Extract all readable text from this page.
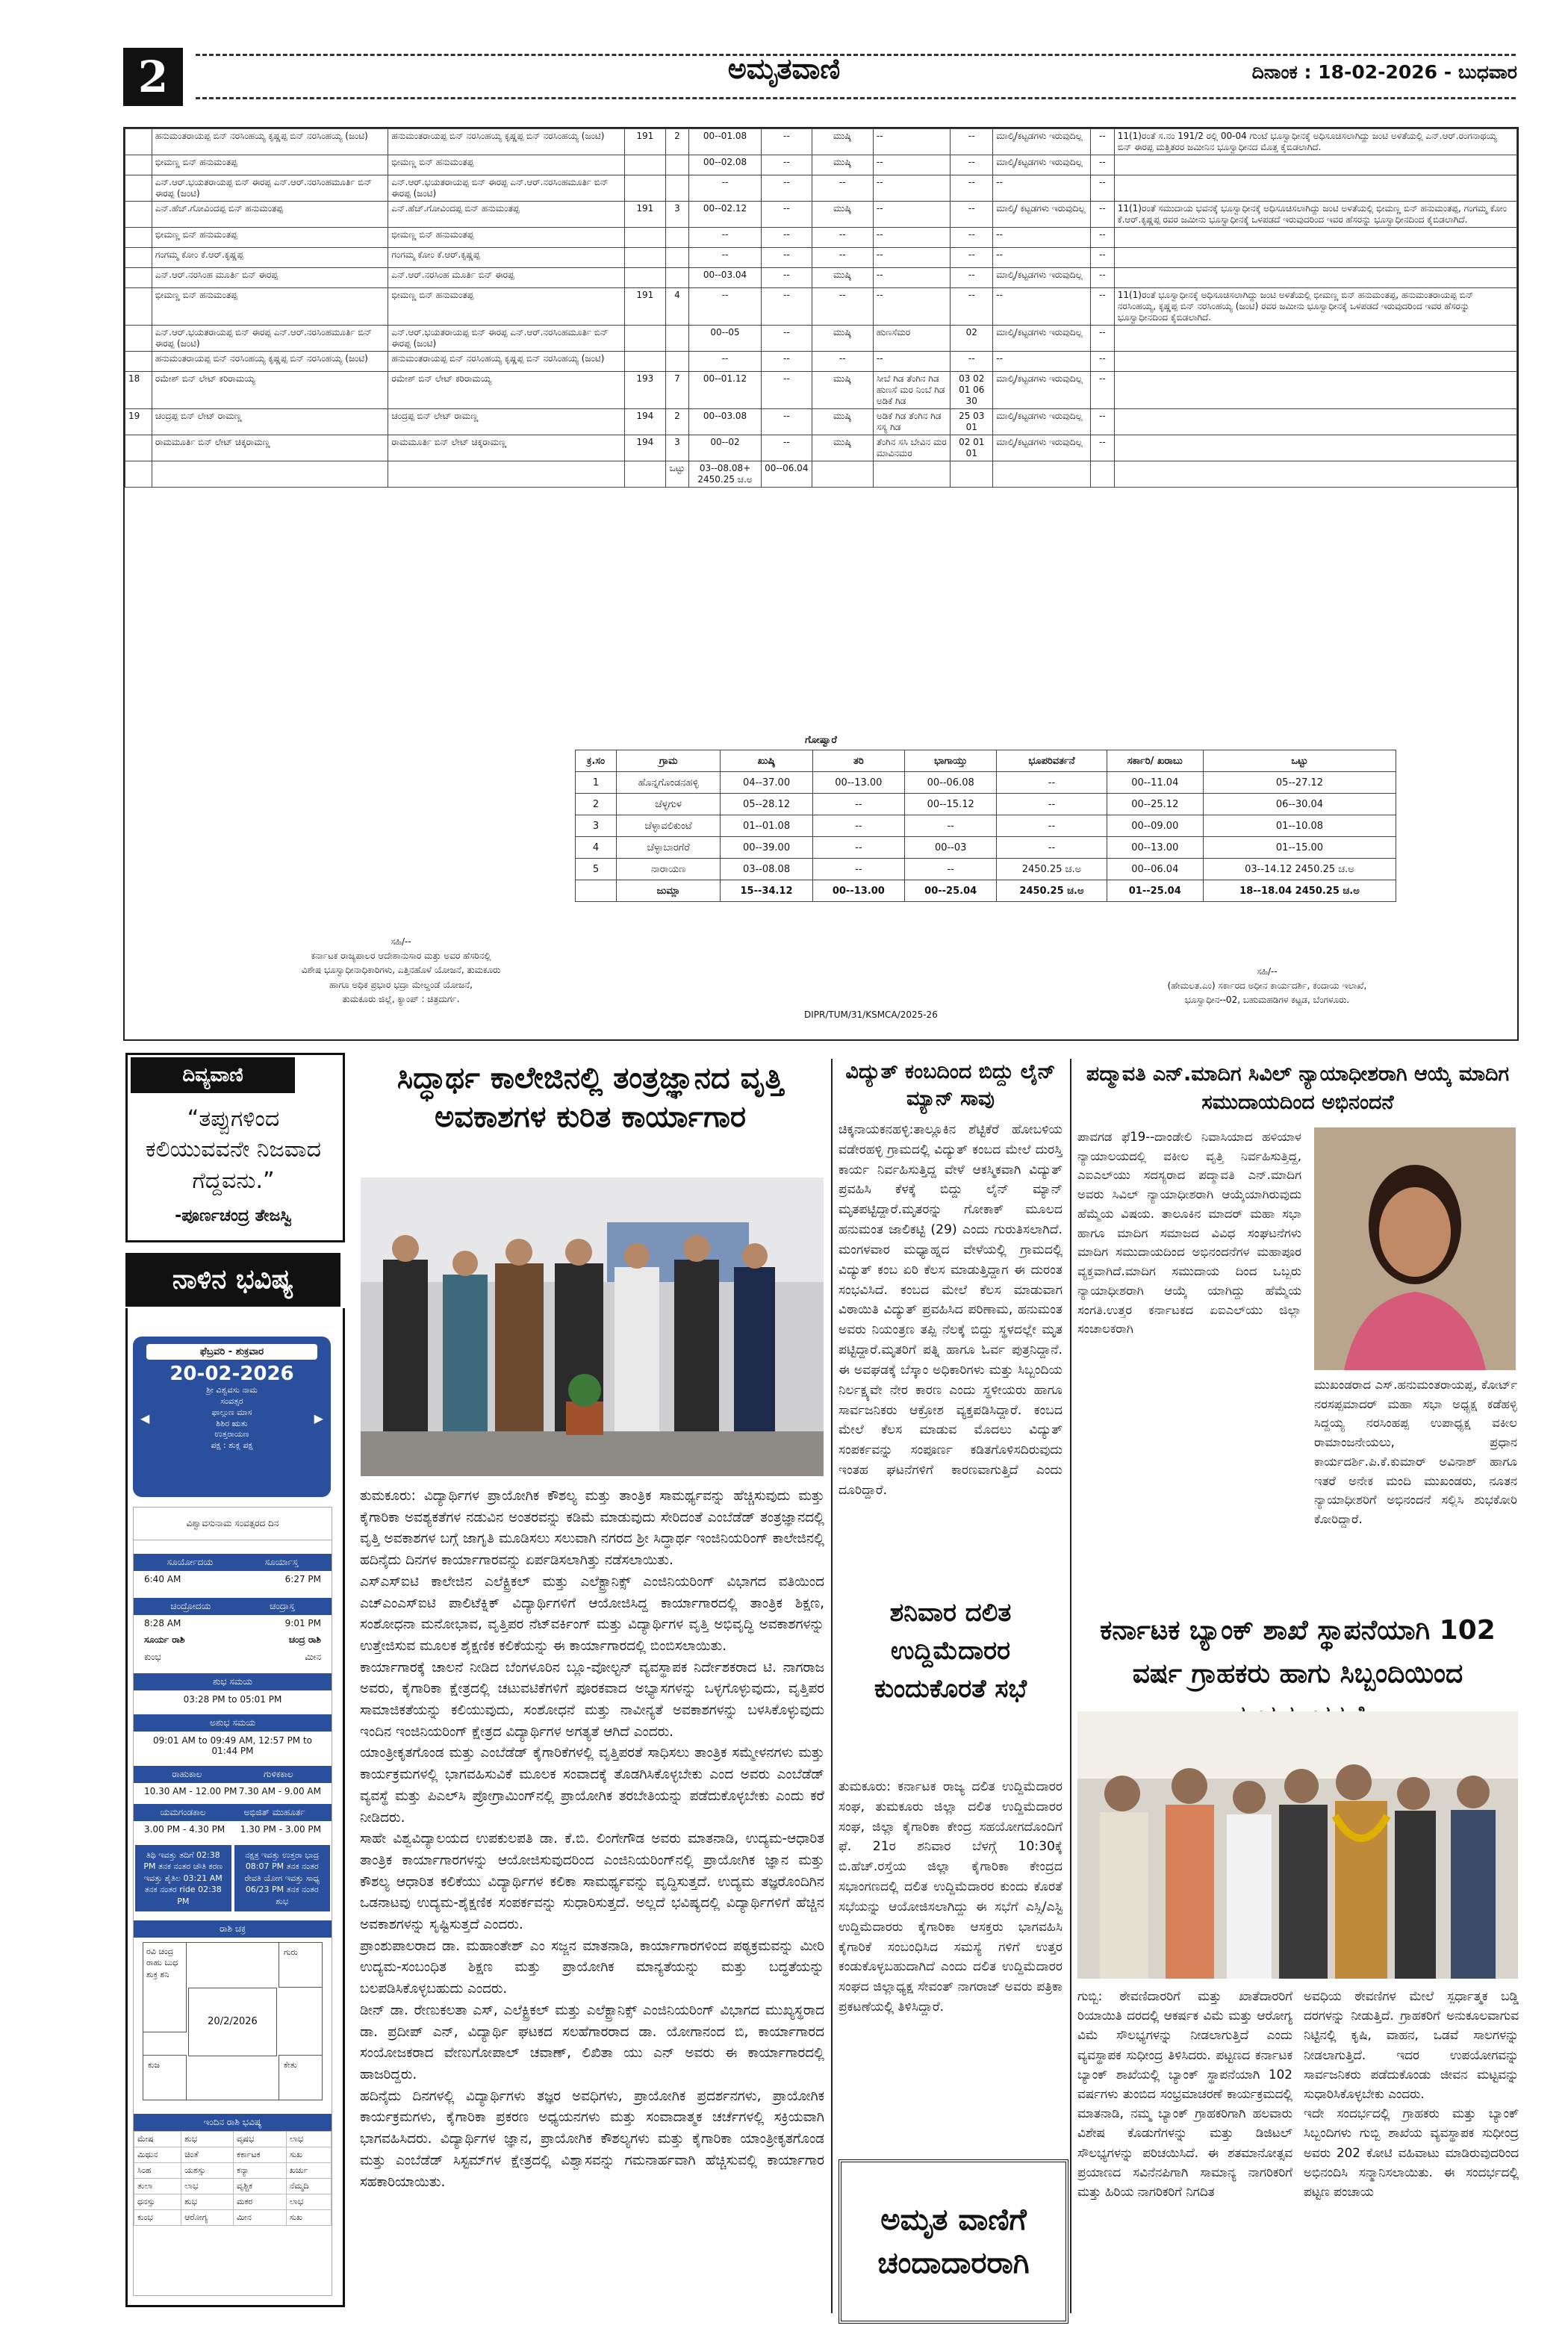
2	ಅಮೃತವಾಣಿ	ದಿನಾಂಕ : 18-02-2026 - ಬುಧವಾರ
	ಹನುಮಂತರಾಯಪ್ಪ ಬಿನ್ ನರಸಿಂಹಯ್ಯ ಕೃಷ್ಣಪ್ಪ ಬಿನ್ ನರಸಿಂಹಯ್ಯ (ಜಂಟಿ)	ಹನುಮಂತರಾಯಪ್ಪ ಬಿನ್ ನರಸಿಂಹಯ್ಯ ಕೃಷ್ಣಪ್ಪ ಬಿನ್ ನರಸಿಂಹಯ್ಯ (ಜಂಟಿ)	191	2	00--01.08	--	ಮುಷ್ಕಿ	--	--	ಮಾಲ್ಕಿ/ಕಟ್ಟಡಗಳು ಇರುವುದಿಲ್ಲ	--	11(1)ರಂತೆ ಸ.ನಂ 191/2 ರಲ್ಲಿ 00-04 ಗುಂಟೆ ಭೂಸ್ವಾಧೀನಕ್ಕೆ ಅಧಿಸೂಚಿಸಲಾಗಿದ್ದು ಜಂಟಿ ಅಳತೆಯಲ್ಲಿ ಎನ್.ಆರ್.ರಂಗನಾಥಯ್ಯ ಬಿನ್ ಈರಪ್ಪ ಮತ್ತಿತರರ ಜಮೀನಿನ ಭೂಸ್ವಾಧೀನದ ಮೊತ್ತ ಕೈಬಿಡಲಾಗಿದೆ.
	ಭೀಮಣ್ಣ ಬಿನ್ ಹನುಮಂತಪ್ಪ	ಭೀಮಣ್ಣ ಬಿನ್ ಹನುಮಂತಪ್ಪ			00--02.08	--	ಮುಷ್ಕಿ	--	--	ಮಾಲ್ಕಿ/ಕಟ್ಟಡಗಳು ಇರುವುದಿಲ್ಲ	--	
	ಎನ್.ಆರ್.ಭಯತರಾಯಪ್ಪ ಬಿನ್ ಈರಪ್ಪ ಎನ್.ಆರ್.ನರಸಿಂಹಮೂರ್ತಿ ಬಿನ್ ಈರಪ್ಪ (ಜಂಟಿ)	ಎನ್.ಆರ್.ಭಯತರಾಯಪ್ಪ ಬಿನ್ ಈರಪ್ಪ ಎನ್.ಆರ್.ನರಸಿಂಹಮೂರ್ತಿ ಬಿನ್ ಈರಪ್ಪ (ಜಂಟಿ)			--	--	--	--	--	--	--	
	ಎನ್.ಹೆಚ್.ಗೋವಿಂದಪ್ಪ ಬಿನ್ ಹನುಮಂತಪ್ಪ	ಎನ್.ಹೆಚ್.ಗೋವಿಂದಪ್ಪ ಬಿನ್ ಹನುಮಂತಪ್ಪ	191	3	00--02.12	--	ಮುಷ್ಕಿ	--	--	ಮಾಲ್ಕಿ/ ಕಟ್ಟಡಗಳು ಇರುವುದಿಲ್ಲ	--	11(1)ರಂತೆ ಸಮುದಾಯ ಭವನಕ್ಕೆ ಭೂಸ್ವಾಧೀನಕ್ಕೆ ಅಧಿಸೂಚಿಸಲಾಗಿದ್ದು ಜಂಟಿ ಅಳತೆಯಲ್ಲಿ ಭೀಮಣ್ಣ ಬಿನ್ ಹನುಮಂತಪ್ಪ, ಗಂಗಮ್ಮ ಕೋಂ ಕೆ.ಆರ್.ಕೃಷ್ಣಪ್ಪ ರವರ ಜಮೀನು ಭೂಸ್ವಾಧೀನಕ್ಕೆ ಒಳಪಡದೆ ಇರುವುದರಿಂದ ಇವರ ಹೆಸರನ್ನು ಭೂಸ್ವಾಧೀನದಿಂದ ಕೈಬಿಡಲಾಗಿದೆ.
	ಭೀಮಣ್ಣ ಬಿನ್ ಹನುಮಂತಪ್ಪ	ಭೀಮಣ್ಣ ಬಿನ್ ಹನುಮಂತಪ್ಪ			--	--	--	--	--	--	--	
	ಗಂಗಮ್ಮ ಕೋಂ ಕೆ.ಆರ್.ಕೃಷ್ಣಪ್ಪ	ಗಂಗಮ್ಮ ಕೋಂ ಕೆ.ಆರ್.ಕೃಷ್ಣಪ್ಪ			--	--	--	--	--	--	--	
	ಎನ್.ಆರ್.ನರಸಿಂಹ ಮೂರ್ತಿ ಬಿನ್ ಈರಪ್ಪ	ಎನ್.ಆರ್.ನರಸಿಂಹ ಮೂರ್ತಿ ಬಿನ್ ಈರಪ್ಪ			00--03.04	--	ಮುಷ್ಕಿ	--	--	ಮಾಲ್ಕಿ/ಕಟ್ಟಡಗಳು ಇರುವುದಿಲ್ಲ	--	
	ಭೀಮಣ್ಣ ಬಿನ್ ಹನುಮಂತಪ್ಪ	ಭೀಮಣ್ಣ ಬಿನ್ ಹನುಮಂತಪ್ಪ	191	4	--	--	--	--	--	--	--	11(1)ರಂತೆ ಭೂಸ್ವಾಧೀನಕ್ಕೆ ಅಧಿಸೂಚಿಸಲಾಗಿದ್ದು ಜಂಟಿ ಅಳತೆಯಲ್ಲಿ ಭೀಮಣ್ಣ ಬಿನ್ ಹನುಮಂತಪ್ಪ, ಹನುಮಂತರಾಯಪ್ಪ ಬಿನ್ ನರಸಿಂಹಯ್ಯ, ಕೃಷ್ಣಪ್ಪ ಬಿನ್ ನರಸಿಂಹಯ್ಯ (ಜಂಟಿ) ರವರ ಜಮೀನು ಭೂಸ್ವಾಧೀನಕ್ಕೆ ಒಳಪಡದೆ ಇರುವುದರಿಂದ ಇವರ ಹೆಸರನ್ನು ಭೂಸ್ವಾಧೀನದಿಂದ ಕೈಬಿಡಲಾಗಿದೆ.
	ಎನ್.ಆರ್.ಭಯತರಾಯಪ್ಪ ಬಿನ್ ಈರಪ್ಪ ಎನ್.ಆರ್.ನರಸಿಂಹಮೂರ್ತಿ ಬಿನ್ ಈರಪ್ಪ (ಜಂಟಿ)	ಎನ್.ಆರ್.ಭಯತರಾಯಪ್ಪ ಬಿನ್ ಈರಪ್ಪ ಎನ್.ಆರ್.ನರಸಿಂಹಮೂರ್ತಿ ಬಿನ್ ಈರಪ್ಪ (ಜಂಟಿ)			00--05	--	ಮುಷ್ಕಿ	ಹುಣಸೆಮರ	02	ಮಾಲ್ಕಿ/ಕಟ್ಟಡಗಳು ಇರುವುದಿಲ್ಲ	--	
	ಹನುಮಂತರಾಯಪ್ಪ ಬಿನ್ ನರಸಿಂಹಯ್ಯ ಕೃಷ್ಣಪ್ಪ ಬಿನ್ ನರಸಿಂಹಯ್ಯ (ಜಂಟಿ)	ಹನುಮಂತರಾಯಪ್ಪ ಬಿನ್ ನರಸಿಂಹಯ್ಯ ಕೃಷ್ಣಪ್ಪ ಬಿನ್ ನರಸಿಂಹಯ್ಯ (ಜಂಟಿ)			--	--	--	--	--	--	--	
18	ರಮೇಶ್ ಬಿನ್ ಲೇಟ್ ಕರಿರಾಮಯ್ಯ	ರಮೇಶ್ ಬಿನ್ ಲೇಟ್ ಕರಿರಾಮಯ್ಯ	193	7	00--01.12	--	ಮುಷ್ಕಿ	ಸೀಬೆ ಗಿಡ ತೆಂಗಿನ ಗಿಡ ಹುಣಸೆ ಮರ ನಿಂಬೆ ಗಿಡ ಅಡಿಕೆ ಗಿಡ	03 02 01 06 30	ಮಾಲ್ಕಿ/ಕಟ್ಟಡಗಳು ಇರುವುದಿಲ್ಲ	--	
19	ಚಂದ್ರಪ್ಪ ಬಿನ್ ಲೇಟ್ ರಾಮಣ್ಣ	ಚಂದ್ರಪ್ಪ ಬಿನ್ ಲೇಟ್ ರಾಮಣ್ಣ	194	2	00--03.08	--	ಮುಷ್ಕಿ	ಅಡಿಕೆ ಗಿಡ ತೆಂಗಿನ ಗಿಡ ಸಸ್ಯ ಗಿಡ	25 03 01	ಮಾಲ್ಕಿ/ಕಟ್ಟಡಗಳು ಇರುವುದಿಲ್ಲ	--	
	ರಾಮಮೂರ್ತಿ ಬಿನ್ ಲೇಟ್ ಚಿಕ್ಕರಾಮಣ್ಣ	ರಾಮಮೂರ್ತಿ ಬಿನ್ ಲೇಟ್ ಚಿಕ್ಕರಾಮಣ್ಣ	194	3	00--02	--	ಮುಷ್ಕಿ	ತೆಂಗಿನ ಸಸಿ ಬೇವಿನ ಮರ ಮಾವಿನಮರ	02 01 01	ಮಾಲ್ಕಿ/ಕಟ್ಟಡಗಳು ಇರುವುದಿಲ್ಲ	--	
				ಒಟ್ಟು	03--08.08+ 2450.25 ಚ.ಅ	00--06.04						
ಗೋಷ್ವಾರೆ
ಕ್ರ.ಸಂ	ಗ್ರಾಮ	ಖುಷ್ಕಿ	ತರಿ	ಭಾಗಾಯ್ತು	ಭೂಪರಿವರ್ತನೆ	ಸರ್ಕಾರಿ/ ಖರಾಬು	ಒಟ್ಟು
1	ಹೊನ್ನಗೊಂಡನಹಳ್ಳಿ	04--37.00	00--13.00	00--06.08	--	00--11.04	05--27.12
2	ಚೆಳ್ಳಗುಳ	05--28.12	--	00--15.12	--	00--25.12	06--30.04
3	ಚೆಳ್ಳಾವಲಿಕುಂಟೆ	01--01.08	--	--	--	00--09.00	01--10.08
4	ಚೆಳ್ಳಾಬಾರಗೆರೆ	00--39.00	--	00--03	--	00--13.00	01--15.00
5	ನಾರಾಯಣ	03--08.08	--	--	2450.25 ಚ.ಅ	00--06.04	03--14.12 2450.25 ಚ.ಅ
	ಜುಮ್ಲಾ	15--34.12	00--13.00	00--25.04	2450.25 ಚ.ಅ	01--25.04	18--18.04 2450.25 ಚ.ಅ
ಸಹಿ/--
ಕರ್ನಾಟಕ ರಾಜ್ಯಪಾಲರ ಆದೇಶಾನುಸಾರ ಮತ್ತು ಅವರ ಹೆಸರಿನಲ್ಲಿ
ವಿಶೇಷ ಭೂಸ್ವಾಧೀನಾಧಿಕಾರಿಗಳು, ಎತ್ತಿನಹೊಳೆ ಯೋಜನೆ, ತುಮಕೂರು
ಹಾಗೂ ಅಧಿಕ ಪ್ರಭಾರ ಭದ್ರಾ ಮೇಲ್ದಂಡೆ ಯೋಜನೆ,
ತುಮಕೂರು ಜಿಲ್ಲೆ, ಕ್ಯಾಂಪ್ : ಚಿತ್ರದುರ್ಗ.
DIPR/TUM/31/KSMCA/2025-26
ಸಹಿ/--
(ಹೇಮಲತ.ಎಂ) ಸರ್ಕಾರದ ಅಧೀನ ಕಾರ್ಯದರ್ಶಿ, ಕಂದಾಯ ಇಲಾಖೆ,
ಭೂಸ್ವಾಧೀನ--02, ಬಹುಮಹಡಿಗಳ ಕಟ್ಟಡ, ಬೆಂಗಳೂರು.
ದಿವ್ಯವಾಣಿ
“ತಪ್ಪುಗಳಿಂದ ಕಲಿಯುವವನೇ ನಿಜವಾದ ಗೆದ್ದವನು.”
-ಪೂರ್ಣಚಂದ್ರ ತೇಜಸ್ವಿ
ನಾಳಿನ ಭವಿಷ್ಯ
ಫೆಬ್ರವರಿ - ಶುಕ್ರವಾರ
20-02-2026
◀
ಶ್ರೀ ವಿಶ್ವವಸು ನಾಮ
ಸಂವತ್ಸರ
ಫಾಲ್ಗುಣ ಮಾಸ
ಶಿಶಿರ ಋತು
ಉತ್ತರಾಯಣ
ಪಕ್ಷ : ಶುಕ್ಲ ಪಕ್ಷ
▶
ವಿಶ್ವಾವಸುನಾಮ ಸಂವತ್ಸರದ ದಿನ
ಸೂರ್ಯೋದಯ	ಸೂರ್ಯಾಸ್ತ
6:40 AM	6:27 PM
ಚಂದ್ರೋದಯ	ಚಂದ್ರಾಸ್ತ
8:28 AM	9:01 PM
ಸೂರ್ಯ ರಾಶಿ	ಚಂದ್ರ ರಾಶಿ
ಕುಂಭ	ಮೀನ
ಶುಭ ಸಮಯ
03:28 PM to 05:01 PM
ಅಶುಭ ಸಮಯ
09:01 AM to 09:49 AM, 12:57 PM to 01:44 PM
ರಾಹುಕಾಲ	ಗುಳಿಕಕಾಲ
10.30 AM - 12.00 PM 7.30 AM - 9.00 AM
ಯಮಗಂಡಕಾಲ	ಅಭಿಜಿತ್ ಮುಹೂರ್ತ
3.00 PM - 4.30 PM 1.30 PM - 3.00 PM
ತಿಥಿ ಇವತ್ತು ತದಿಗೆ 02:38 PM ತನಕ ನಂತರ ಚೌತಿ ಕರಣ ಇವತ್ತು ಶೈತಿಲ 03:21 AM ತನಕ ನಂತರ ride 02:38 PM
ನಕ್ಷತ್ರ ಇವತ್ತು ಉತ್ತರಾ ಭಾದ್ರ 08:07 PM ತನಕ ನಂತರ ರೇವತಿ ಯೋಗ ಇವತ್ತು ಸಾಧ್ಯ 06/23 PM ತನಕ ನಂತರ ಶುಭ
ರಾಶಿ ಚಕ್ರ
ರವಿ ಚಂದ್ರ ರಾಹು ಬುಧ ಶುಕ್ರ ಶನಿ
ಗುರು
20/2/2026
ಕುಜ	ಕೇತು
ಇಂದಿನ ರಾಶಿ ಭವಿಷ್ಯ
ಮೇಷ	ಶುಭ	ವೃಷಭ	ಲಾಭ
ಮಿಥುನ	ಚಿಂತೆ	ಕರ್ಕಾಟಕ	ಸುಖ
ಸಿಂಹ	ಯಶಸ್ಸು	ಕನ್ಯಾ	ಖರ್ಚು
ತುಲಾ	ಲಾಭ	ವೃಶ್ಚಿಕ	ನೆಮ್ಮದಿ
ಧನಸ್ಸು	ಶುಭ	ಮಕರ	ಲಾಭ
ಕುಂಭ	ಆರೋಗ್ಯ	ಮೀನ	ಸುಖ
ಸಿದ್ಧಾರ್ಥ ಕಾಲೇಜಿನಲ್ಲಿ ತಂತ್ರಜ್ಞಾನದ ವೃತ್ತಿ ಅವಕಾಶಗಳ ಕುರಿತ ಕಾರ್ಯಾಗಾರ
ತುಮಕೂರು: ವಿದ್ಯಾರ್ಥಿಗಳ ಪ್ರಾಯೋಗಿಕ ಕೌಶಲ್ಯ ಮತ್ತು ತಾಂತ್ರಿಕ ಸಾಮರ್ಥ್ಯವನ್ನು ಹೆಚ್ಚಿಸುವುದು ಮತ್ತು ಕೈಗಾರಿಕಾ ಅವಶ್ಯಕತೆಗಳ ನಡುವಿನ ಅಂತರವನ್ನು ಕಡಿಮೆ ಮಾಡುವುದು ಸೇರಿದಂತೆ ಎಂಬೆಡೆಡ್ ತಂತ್ರಜ್ಞಾನದಲ್ಲಿ ವೃತ್ತಿ ಅವಕಾಶಗಳ ಬಗ್ಗೆ ಜಾಗೃತಿ ಮೂಡಿಸಲು ಸಲುವಾಗಿ ನಗರದ ಶ್ರೀ ಸಿದ್ಧಾರ್ಥ ಇಂಜಿನಿಯರಿಂಗ್ ಕಾಲೇಜಿನಲ್ಲಿ ಹದಿನೈದು ದಿನಗಳ ಕಾರ್ಯಾಗಾರವನ್ನು ಏರ್ಪಡಿಸಲಾಗಿತ್ತು ನಡೆಸಲಾಯಿತು.
ಎಸ್‌ಎಸ್‌ಐಟಿ ಕಾಲೇಜಿನ ಎಲೆಕ್ಟ್ರಿಕಲ್ ಮತ್ತು ಎಲೆಕ್ಟ್ರಾನಿಕ್ಸ್ ಎಂಜಿನಿಯರಿಂಗ್ ವಿಭಾಗದ ವತಿಯಿಂದ ಎಚ್‌ಎಂಎಸ್‌ಐಟಿ ಪಾಲಿಟೆಕ್ನಿಕ್ ವಿದ್ಯಾರ್ಥಿಗಳಿಗೆ ಆಯೋಜಿಸಿದ್ದ ಕಾರ್ಯಾಗಾರದಲ್ಲಿ ತಾಂತ್ರಿಕ ಶಿಕ್ಷಣ, ಸಂಶೋಧನಾ ಮನೋಭಾವ, ವೃತ್ತಿಪರ ನೆಟ್‌ವರ್ಕಿಂಗ್ ಮತ್ತು ವಿದ್ಯಾರ್ಥಿಗಳ ವೃತ್ತಿ ಅಭಿವೃದ್ಧಿ ಅವಕಾಶಗಳನ್ನು ಉತ್ತೇಜಿಸುವ ಮೂಲಕ ಶೈಕ್ಷಣಿಕ ಕಲಿಕೆಯನ್ನು ಈ ಕಾರ್ಯಾಗಾರದಲ್ಲಿ ಬಿಂಬಿಸಲಾಯಿತು.
ಕಾರ್ಯಾಗಾರಕ್ಕೆ ಚಾಲನೆ ನೀಡಿದ ಬೆಂಗಳೂರಿನ ಬ್ಲೂ-ವೋಲ್ಟನ್ ವ್ಯವಸ್ಥಾಪಕ ನಿರ್ದೇಶಕರಾದ ಟಿ. ನಾಗರಾಜ ಅವರು, ಕೈಗಾರಿಕಾ ಕ್ಷೇತ್ರದಲ್ಲಿ ಚಟುವಟಿಕೆಗಳಿಗೆ ಪೂರಕವಾದ ಅಭ್ಯಾಸಗಳನ್ನು ಒಳ್ಳಗೊಳ್ಳುವುದು, ವೃತ್ತಿಪರ ಸಾಮಾಜಿಕತೆಯನ್ನು ಕಲಿಯುವುದು, ಸಂಶೋಧನೆ ಮತ್ತು ನಾವೀನ್ಯತೆ ಅವಕಾಶಗಳನ್ನು ಬಳಸಿಕೊಳ್ಳುವುದು ಇಂದಿನ ಇಂಜಿನಿಯರಿಂಗ್ ಕ್ಷೇತ್ರದ ವಿದ್ಯಾರ್ಥಿಗಳ ಅಗತ್ಯತೆ ಆಗಿದೆ ಎಂದರು.
ಯಾಂತ್ರೀಕೃತಗೊಂಡ ಮತ್ತು ಎಂಬೆಡೆಡ್ ಕೈಗಾರಿಕೆಗಳಲ್ಲಿ ವೃತ್ತಿಪರತೆ ಸಾಧಿಸಲು ತಾಂತ್ರಿಕ ಸಮ್ಮೇಳನಗಳು ಮತ್ತು ಕಾರ್ಯಕ್ರಮಗಳಲ್ಲಿ ಭಾಗವಹಿಸುವಿಕೆ ಮೂಲಕ ಸಂವಾದಕ್ಕೆ ತೊಡಗಿಸಿಕೊಳ್ಳಬೇಕು ಎಂದ ಅವರು ಎಂಬೆಡೆಡ್ ವ್ಯವಸ್ಥೆ ಮತ್ತು ಪಿಎಲ್‌ಸಿ ಪ್ರೋಗ್ರಾಮಿಂಗ್‌ನಲ್ಲಿ ಪ್ರಾಯೋಗಿಕ ತರಬೇತಿಯನ್ನು ಪಡೆದುಕೊಳ್ಳಬೇಕು ಎಂದು ಕರೆ ನೀಡಿದರು.
ಸಾಹೇ ವಿಶ್ವವಿದ್ಯಾಲಯದ ಉಪಕುಲಪತಿ ಡಾ. ಕೆ.ಬಿ. ಲಿಂಗೇಗೌಡ ಅವರು ಮಾತನಾಡಿ, ಉದ್ಯಮ-ಆಧಾರಿತ ತಾಂತ್ರಿಕ ಕಾರ್ಯಾಗಾರಗಳನ್ನು ಆಯೋಜಿಸುವುದರಿಂದ ಎಂಜಿನಿಯರಿಂಗ್‌ನಲ್ಲಿ ಪ್ರಾಯೋಗಿಕ ಜ್ಞಾನ ಮತ್ತು ಕೌಶಲ್ಯ ಆಧಾರಿತ ಕಲಿಕೆಯು ವಿದ್ಯಾರ್ಥಿಗಳ ಕಲಿಕಾ ಸಾಮರ್ಥ್ಯವನ್ನು ವೃದ್ಧಿಸುತ್ತದೆ. ಉದ್ಯಮ ತಜ್ಞರೊಂದಿಗಿನ ಒಡನಾಟವು ಉದ್ಯಮ-ಶೈಕ್ಷಣಿಕ ಸಂಪರ್ಕವನ್ನು ಸುಧಾರಿಸುತ್ತದೆ. ಅಲ್ಲದೆ ಭವಿಷ್ಯದಲ್ಲಿ ವಿದ್ಯಾರ್ಥಿಗಳಿಗೆ ಹೆಚ್ಚಿನ ಅವಕಾಶಗಳನ್ನು ಸೃಷ್ಟಿಸುತ್ತದೆ ಎಂದರು.
ಪ್ರಾಂಶುಪಾಲರಾದ ಡಾ. ಮಹಾಂತೇಶ್ ಎಂ ಸಜ್ಜನ ಮಾತನಾಡಿ, ಕಾರ್ಯಾಗಾರಗಳಿಂದ ಪಠ್ಯಕ್ರಮವನ್ನು ಮೀರಿ ಉದ್ಯಮ-ಸಂಬಂಧಿತ ಶಿಕ್ಷಣ ಮತ್ತು ಪ್ರಾಯೋಗಿಕ ಮಾನ್ಯತೆಯನ್ನು ಮತ್ತು ಬದ್ಧತೆಯನ್ನು ಬಲಪಡಿಸಿಕೊಳ್ಳಬಹುದು ಎಂದರು.
ಡೀನ್ ಡಾ. ರೇಣುಕಲತಾ ಎಸ್, ಎಲೆಕ್ಟ್ರಿಕಲ್ ಮತ್ತು ಎಲೆಕ್ಟ್ರಾನಿಕ್ಸ್ ಎಂಜಿನಿಯರಿಂಗ್ ವಿಭಾಗದ ಮುಖ್ಯಸ್ಥರಾದ ಡಾ. ಪ್ರದೀಪ್ ಎನ್, ವಿದ್ಯಾರ್ಥಿ ಘಟಕದ ಸಲಹೆಗಾರರಾದ ಡಾ. ಯೋಗಾನಂದ ಬಿ, ಕಾರ್ಯಾಗಾರದ ಸಂಯೋಜಕರಾದ ವೇಣುಗೋಪಾಲ್ ಚವಾಣ್, ಲಿಖಿತಾ ಯು ಎನ್ ಅವರು ಈ ಕಾರ್ಯಾಗಾರದಲ್ಲಿ ಹಾಜರಿದ್ದರು.
ಹದಿನೈದು ದಿನಗಳಲ್ಲಿ ವಿದ್ಯಾರ್ಥಿಗಳು ತಜ್ಞರ ಅವಧಿಗಳು, ಪ್ರಾಯೋಗಿಕ ಪ್ರದರ್ಶನಗಳು, ಪ್ರಾಯೋಗಿಕ ಕಾರ್ಯಕ್ರಮಗಳು, ಕೈಗಾರಿಕಾ ಪ್ರಕರಣ ಅಧ್ಯಯನಗಳು ಮತ್ತು ಸಂವಾದಾತ್ಮಕ ಚರ್ಚೆಗಳಲ್ಲಿ ಸಕ್ರಿಯವಾಗಿ ಭಾಗವಹಿಸಿದರು. ವಿದ್ಯಾರ್ಥಿಗಳ ಜ್ಞಾನ, ಪ್ರಾಯೋಗಿಕ ಕೌಶಲ್ಯಗಳು ಮತ್ತು ಕೈಗಾರಿಕಾ ಯಾಂತ್ರೀಕೃತಗೊಂಡ ಮತ್ತು ಎಂಬೆಡೆಡ್ ಸಿಸ್ಟಮ್‌ಗಳ ಕ್ಷೇತ್ರದಲ್ಲಿ ವಿಶ್ವಾಸವನ್ನು ಗಮನಾರ್ಹವಾಗಿ ಹೆಚ್ಚಿಸುವಲ್ಲಿ ಕಾರ್ಯಾಗಾರ ಸಹಕಾರಿಯಾಯಿತು.
ವಿದ್ಯುತ್ ಕಂಬದಿಂದ ಬಿದ್ದು ಲೈನ್ ಮ್ಯಾನ್ ಸಾವು
ಚಿಕ್ಕನಾಯಕನಹಳ್ಳಿ:ತಾಲ್ಲೂಕಿನ ಶೆಟ್ಟಿಕೆರೆ ಹೋಬಳಿಯ ವಡೇರಹಳ್ಳಿ ಗ್ರಾಮದಲ್ಲಿ ವಿದ್ಯುತ್ ಕಂಬದ ಮೇಲೆ ದುರಸ್ತಿ ಕಾರ್ಯ ನಿರ್ವಹಿಸುತ್ತಿದ್ದ ವೇಳೆ ಆಕಸ್ಮಿಕವಾಗಿ ವಿದ್ಯುತ್ ಪ್ರವಹಿಸಿ ಕೆಳಕ್ಕೆ ಬಿದ್ದು ಲೈನ್ ಮ್ಯಾನ್ ಮೃತಪಟ್ಟಿದ್ದಾರೆ.ಮೃತರನ್ನು ಗೋಕಾಕ್ ಮೂಲದ ಹನುಮಂತ ಜಾಲಿಕಟ್ಟಿ (29) ಎಂದು ಗುರುತಿಸಲಾಗಿದೆ. ಮಂಗಳವಾರ ಮಧ್ಯಾಹ್ನದ ವೇಳೆಯಲ್ಲಿ ಗ್ರಾಮದಲ್ಲಿ ವಿದ್ಯುತ್ ಕಂಬ ಏರಿ ಕೆಲಸ ಮಾಡುತ್ತಿದ್ದಾಗ ಈ ದುರಂತ ಸಂಭವಿಸಿದೆ. ಕಂಬದ ಮೇಲೆ ಕೆಲಸ ಮಾಡುವಾಗ ವಿಠಾಯಿತಿ ವಿದ್ಯುತ್ ಪ್ರವಹಿಸಿದ ಪರಿಣಾಮ, ಹನುಮಂತ ಅವರು ನಿಯಂತ್ರಣ ತಪ್ಪಿ ನೆಲಕ್ಕೆ ಬಿದ್ದು ಸ್ಥಳದಲ್ಲೇ ಮೃತ ಪಟ್ಟಿದ್ದಾರೆ.ಮೃತರಿಗೆ ಪತ್ನಿ ಹಾಗೂ ಓರ್ವ ಪುತ್ರನಿದ್ದಾನೆ. ಈ ಅವಘಡಕ್ಕೆ ಬೆಸ್ಕಾಂ ಅಧಿಕಾರಿಗಳು ಮತ್ತು ಸಿಬ್ಬಂದಿಯ ನಿರ್ಲಕ್ಷ್ಯವೇ ನೇರ ಕಾರಣ ಎಂದು ಸ್ಥಳೀಯರು ಹಾಗೂ ಸಾರ್ವಜನಿಕರು ಆಕ್ರೋಶ ವ್ಯಕ್ತಪಡಿಸಿದ್ದಾರೆ. ಕಂಬದ ಮೇಲೆ ಕೆಲಸ ಮಾಡುವ ಮೊದಲು ವಿದ್ಯುತ್ ಸಂಪರ್ಕವನ್ನು ಸಂಪೂರ್ಣ ಕಡಿತಗೊಳಿಸದಿರುವುದು ಇಂತಹ ಘಟನೆಗಳಿಗೆ ಕಾರಣವಾಗುತ್ತಿದೆ ಎಂದು ದೂರಿದ್ದಾರೆ.
ಶನಿವಾರ ದಲಿತ ಉದ್ದಿಮೆದಾರರ ಕುಂದುಕೊರತೆ ಸಭೆ
ತುಮಕೂರು: ಕರ್ನಾಟಕ ರಾಜ್ಯ ದಲಿತ ಉದ್ದಿಮೆದಾರರ ಸಂಘ, ತುಮಕೂರು ಜಿಲ್ಲಾ ದಲಿತ ಉದ್ದಿಮೆದಾರರ ಸಂಘ, ಜಿಲ್ಲಾ ಕೈಗಾರಿಕಾ ಕೇಂದ್ರ ಸಹಯೋಗದೊಂದಿಗೆ ಫೆ. 21ರ ಶನಿವಾರ ಬೆಳಗ್ಗೆ 10:30ಕ್ಕೆ ಬಿ.ಹೆಚ್.ರಸ್ತೆಯ ಜಿಲ್ಲಾ ಕೈಗಾರಿಕಾ ಕೇಂದ್ರದ ಸಭಾಂಗಣದಲ್ಲಿ ದಲಿತ ಉದ್ದಿಮೆದಾರರ ಕುಂದು ಕೊರತೆ ಸಭೆಯನ್ನು ಆಯೋಜಿಸಲಾಗಿದ್ದು ಈ ಸಭೆಗೆ ಎಸ್ಸಿ/ಎಸ್ಟಿ ಉದ್ದಿಮೆದಾರರು ಕೈಗಾರಿಕಾ ಆಸಕ್ತರು ಭಾಗವಹಿಸಿ ಕೈಗಾರಿಕೆ ಸಂಬಂಧಿಸಿದ ಸಮಸ್ಯೆ ಗಳಿಗೆ ಉತ್ತರ ಕಂಡುಕೊಳ್ಳಬಹುದಾಗಿದೆ ಎಂದು ದಲಿತ ಉದ್ದಿಮೆದಾರರ ಸಂಘದ ಜಿಲ್ಲಾಧ್ಯಕ್ಷ ಸೇವಂತ್ ನಾಗರಾಜ್ ಅವರು ಪತ್ರಿಕಾ ಪ್ರಕಟಣೆಯಲ್ಲಿ ತಿಳಿಸಿದ್ದಾರೆ.
ಅಮೃತ ವಾಣಿಗೆ
ಚಂದಾದಾರರಾಗಿ
ಪದ್ಮಾವತಿ ಎನ್.ಮಾದಿಗ ಸಿವಿಲ್ ನ್ಯಾಯಾಧೀಶರಾಗಿ ಆಯ್ಕೆ ಮಾದಿಗ ಸಮುದಾಯದಿಂದ ಅಭಿನಂದನೆ
ಪಾವಗಡ ಫೆ19--ದಾಂಡೇಲಿ ನಿವಾಸಿಯಾದ ಹಳಿಯಾಳ ನ್ಯಾಯಾಲಯದಲ್ಲಿ ವಕೀಲ ವೃತ್ತಿ ನಿರ್ವಹಿಸುತ್ತಿದ್ದ, ಎಐಎಲ್‌ಯು ಸದಸ್ಯರಾದ ಪದ್ಮಾವತಿ ಎನ್.ಮಾದಿಗ ಅವರು ಸಿವಿಲ್ ನ್ಯಾಯಾಧೀಶರಾಗಿ ಆಯ್ಕೆಯಾಗಿರುವುದು ಹೆಮ್ಮೆಯ ವಿಷಯ. ತಾಲೂಕಿನ ಮಾದರ್ ಮಹಾ ಸಭಾ ಹಾಗೂ ಮಾದಿಗ ಸಮಾಜದ ವಿವಿಧ ಸಂಘಟನೆಗಳು ಮಾದಿಗ ಸಮುದಾಯದಿಂದ ಅಭಿನಂದನೆಗಳ ಮಹಾಪೂರ ವ್ಯಕ್ತವಾಗಿದೆ.ಮಾದಿಗ ಸಮುದಾಯ ದಿಂದ ಒಬ್ಬರು ನ್ಯಾಯಾಧೀಶರಾಗಿ ಆಯ್ಕೆ ಯಾಗಿದ್ದು ಹೆಮ್ಮೆಯ ಸಂಗತಿ.ಉತ್ತರ ಕರ್ನಾಟಕದ ಏಐಎಲ್‌ಯು ಜಿಲ್ಲಾ ಸಂಚಾಲಕರಾಗಿ
ಮುಖಂಡರಾದ ಎಸ್.ಹನುಮಂತರಾಯಪ್ಪ, ಕೋರ್ಟ್ ನರಸಪ್ಪಮಾದರ್ ಮಹಾ ಸಭಾ ಅಧ್ಯಕ್ಷ ಕಡೆಹಳ್ಳಿ ಸಿದ್ದಯ್ಯ ನರಸಿಂಹಪ್ಪ ಉಪಾಧ್ಯಕ್ಷ ವಕೀಲ ರಾಮಾಂಜನೇಯಲು, ಪ್ರಧಾನ ಕಾರ್ಯದರ್ಶಿ.ಪಿ.ಕೆ.ಕುಮಾರ್ ಅವಿನಾಶ್ ಹಾಗೂ ಇತರೆ ಅನೇಕ ಮಂದಿ ಮುಖಂಡರು, ನೂತನ ನ್ಯಾಯಾಧೀಶರಿಗೆ ಅಭಿನಂದನೆ ಸಲ್ಲಿಸಿ ಶುಭಕೋರಿ ಕೋರಿದ್ದಾರೆ.
ಕರ್ನಾಟಕ ಬ್ಯಾಂಕ್ ಶಾಖೆ ಸ್ಥಾಪನೆಯಾಗಿ 102 ವರ್ಷ ಗ್ರಾಹಕರು ಹಾಗು ಸಿಬ್ಬಂದಿಯಿಂದ
ಗುಬ್ಬಿ: ಠೇವಣಿದಾರರಿಗೆ ಮತ್ತು ಖಾತೆದಾರರಿಗೆ ರಿಯಾಯಿತಿ ದರದಲ್ಲಿ ಆಕರ್ಷಕ ವಿಮೆ ಮತ್ತು ಆರೋಗ್ಯ ವಿಮೆ ಸೌಲಭ್ಯಗಳನ್ನು ನೀಡಲಾಗುತ್ತಿದೆ ಎಂದು ವ್ಯವಸ್ಥಾಪಕ ಸುಧೀಂದ್ರ ತಿಳಿಸಿದರು. ಪಟ್ಟಣದ ಕರ್ನಾಟಕ ಬ್ಯಾಂಕ್ ಶಾಖೆಯಲ್ಲಿ ಬ್ಯಾಂಕ್ ಸ್ಥಾಪನೆಯಾಗಿ 102 ವರ್ಷಗಳು ತುಂಬಿದ ಸಂಭ್ರಮಾಚರಣೆ ಕಾರ್ಯಕ್ರಮದಲ್ಲಿ ಮಾತನಾಡಿ, ನಮ್ಮ ಬ್ಯಾಂಕ್ ಗ್ರಾಹಕರಿಗಾಗಿ ಹಲವಾರು ವಿಶೇಷ ಕೊಡುಗೆಗಳನ್ನು ಮತ್ತು ಡಿಜಿಟಲ್ ಸೌಲಭ್ಯಗಳನ್ನು ಪರಿಚಯಿಸಿದೆ. ಈ ಶತಮಾನೋತ್ಸವ ಪ್ರಯಾಣದ ಸವಿನೆನಪಿಗಾಗಿ ಸಾಮಾನ್ಯ ನಾಗರಿಕರಿಗೆ ಮತ್ತು ಹಿರಿಯ ನಾಗರಿಕರಿಗೆ ನಿಗದಿತ
ಅವಧಿಯ ಠೇವಣಿಗಳ ಮೇಲೆ ಸ್ಪರ್ಧಾತ್ಮಕ ಬಡ್ಡಿ ದರಗಳನ್ನು ನೀಡುತ್ತಿದೆ. ಗ್ರಾಹಕರಿಗೆ ಅನುಕೂಲವಾಗುವ ನಿಟ್ಟಿನಲ್ಲಿ ಕೃಷಿ, ವಾಹನ, ಒಡವೆ ಸಾಲಗಳನ್ನು ನೀಡಲಾಗುತ್ತಿದೆ. ಇದರ ಉಪಯೋಗವನ್ನು ಸಾರ್ವಜನಿಕರು ಪಡೆದುಕೊಂಡು ಜೀವನ ಮಟ್ಟವನ್ನು ಸುಧಾರಿಸಿಕೊಳ್ಳಬೇಕು ಎಂದರು.
ಇದೇ ಸಂದರ್ಭದಲ್ಲಿ ಗ್ರಾಹಕರು ಮತ್ತು ಬ್ಯಾಂಕ್ ಸಿಬ್ಬಂದಿಗಳು ಗುಬ್ಬಿ ಶಾಖೆಯ ವ್ಯವಸ್ಥಾಪಕ ಸುಧೀಂದ್ರ ಅವರು 202 ಕೋಟಿ ವಹಿವಾಟು ಮಾಡಿರುವುದರಿಂದ ಅಭಿನಂದಿಸಿ ಸನ್ಮಾನಿಸಲಾಯಿತು. ಈ ಸಂದರ್ಭದಲ್ಲಿ ಪಟ್ಟಣ ಪಂಚಾಯ
